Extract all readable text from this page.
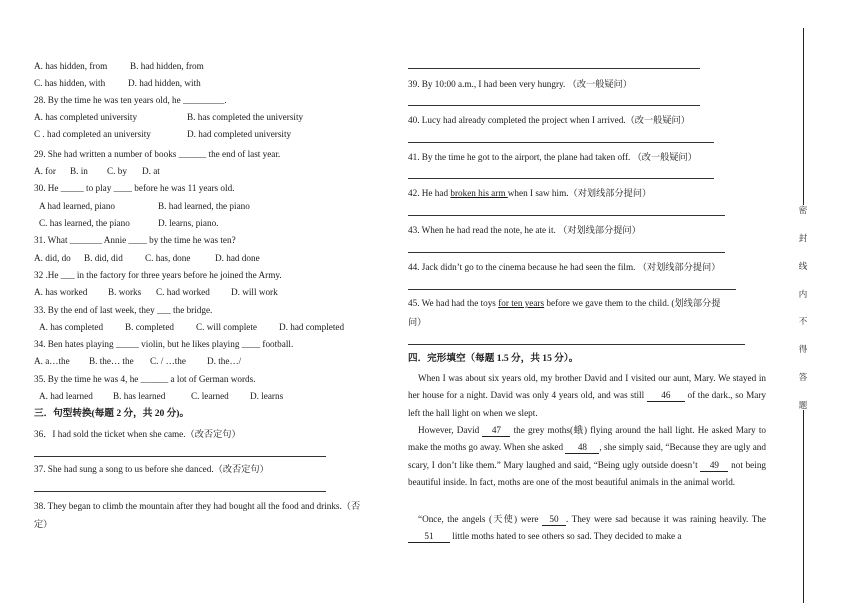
A. has hidden, from B. had hidden, from
C. has hidden, with D. had hidden, with
28. By the time he was ten years old, he _________.
A. has completed university	B. has completed the university
C . had completed an university	D. had completed university
29. She had written a number of books ______ the end of last year.
A. for B. in C. by D. at
30. He _____ to play ____ before he was 11 years old.
A had learned, piano	B. had learned, the piano
C. has learned, the piano	D. learns, piano.
31. What _______ Annie ____ by the time he was ten?
A. did, do B. did, did C. has, done	D. had done
32 .He ___ in the factory for three years before he joined the Army.
A. has worked B. works C. had worked D. will work
33. By the end of last week, they ___ the bridge.
A. has completed B. completed C. will complete D. had completed
34. Ben hates playing _____ violin, but he likes playing ____ football.
A. a…the B. the… the C. / …the D. the…/
35. By the time he was 4, he ______ a lot of German words.
A. had learned B. has learned	C. learned D. learns
三．句型转换(每题 2 分，共 20 分)。
36．I had sold the ticket when she came.（改否定句）
37. She had sung a song to us before she danced.（改否定句）
38. They began to climb the mountain after they had bought all the food and drinks.（否
定）
39. By 10:00 a.m., I had been very hungry. （改一般疑问）
40. Lucy had already completed the project when I arrived.（改一般疑问）
41. By the time he got to the airport, the plane had taken off. （改一般疑问）
42. He had broken his arm when I saw him.（对划线部分提问）
43. When he had read the note, he ate it. （对划线部分提问）
44. Jack didn’t go to the cinema because he had seen the film. （对划线部分提问）
45. We had had the toys for ten years before we gave them to the child. (划线部分提
问）
四．完形填空（每题 1.5 分，共 15 分）。
When I was about six years old, my brother David and I visited our aunt, Mary. We stayed in her house for a night. David was only 4 years old, and was still 46 of the dark., so Mary left the hall light on when we slept.
However, David 47 the grey moths(蛾) flying around the hall light. He asked Mary to make the moths go away. When she asked 48 , she simply said, “Because they are ugly and scary, I don’t like them.” Mary laughed and said, “Being ugly outside doesn’t 49 not being beautiful inside. In fact, moths are one of the most beautiful animals in the animal world.
“Once, the angels (天使) were 50 . They were sad because it was raining heavily. The 51 little moths hated to see others so sad. They decided to make a
密
封
线
内
不
得
答
题
